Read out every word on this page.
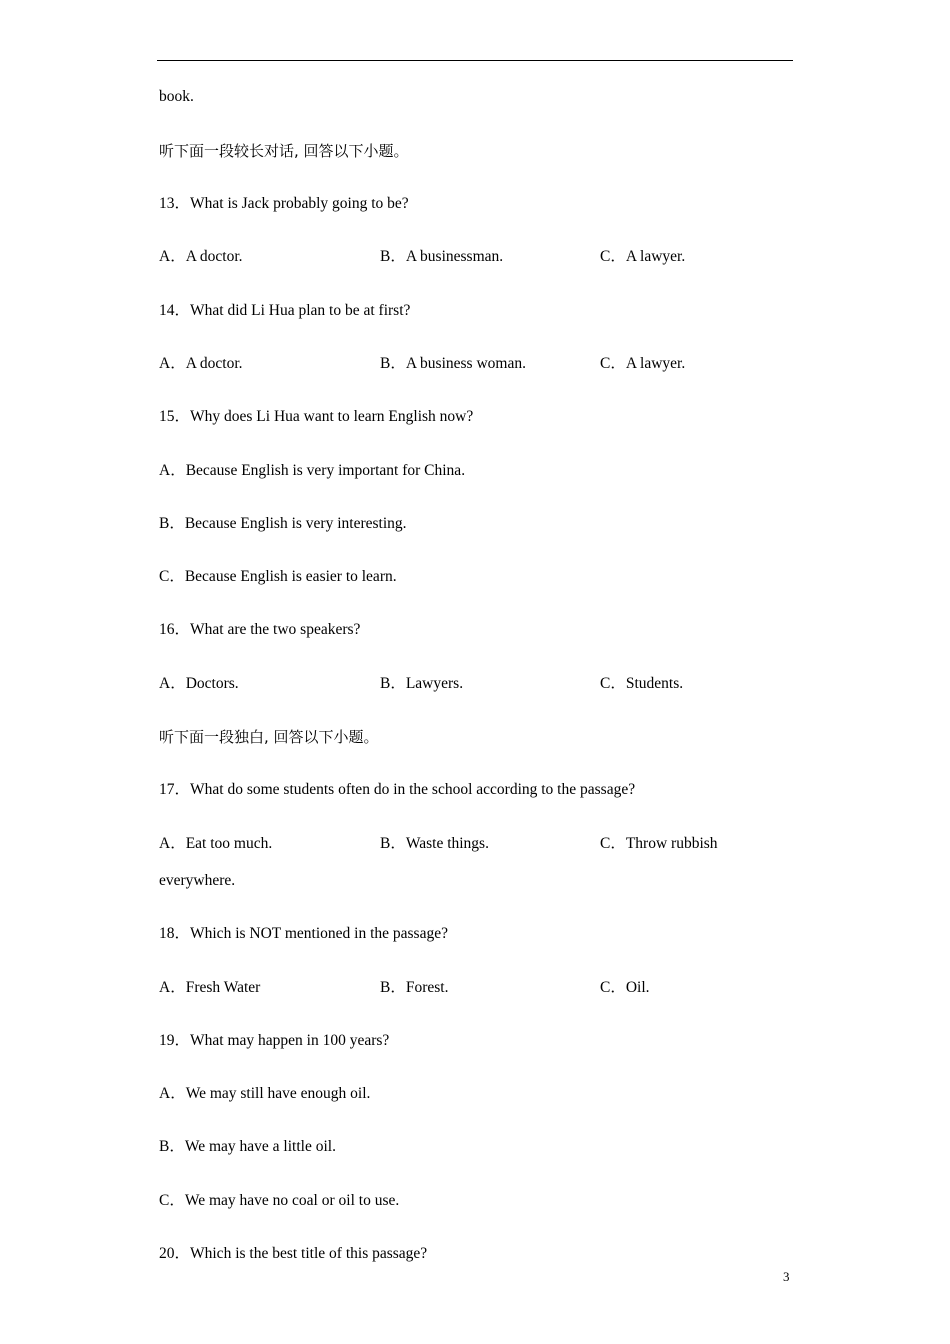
book.
听下面一段较长对话, 回答以下小题。
13．What is Jack probably going to be?
A．A doctor.	B．A businessman.	C．A lawyer.
14．What did Li Hua plan to be at first?
A．A doctor.	B．A business woman.	C．A lawyer.
15．Why does Li Hua want to learn English now?
A．Because English is very important for China.
B．Because English is very interesting.
C．Because English is easier to learn.
16．What are the two speakers?
A．Doctors.	B．Lawyers.	C．Students.
听下面一段独白, 回答以下小题。
17．What do some students often do in the school according to the passage?
A．Eat too much.	B．Waste things.	C．Throw rubbish
everywhere.
18．Which is NOT mentioned in the passage?
A．Fresh Water	B．Forest.	C．Oil.
19．What may happen in 100 years?
A．We may still have enough oil.
B．We may have a little oil.
C．We may have no coal or oil to use.
20．Which is the best title of this passage?
3
